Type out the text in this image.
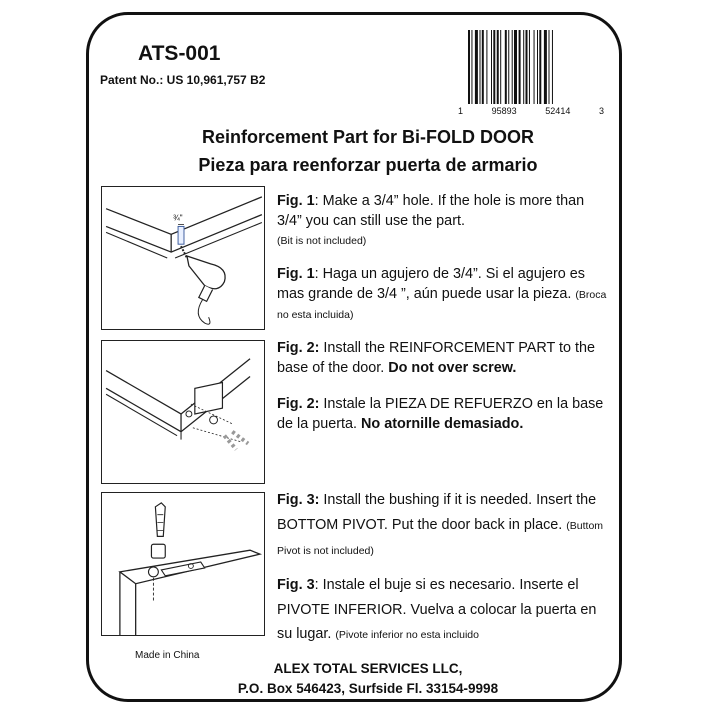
ATS-001
Patent No.: US 10,961,757 B2
1	95893	52414	3
Reinforcement Part for Bi-FOLD DOOR
Pieza para reenforzar puerta de armario
¾"
Fig. 1: Make a 3/4” hole. If the hole is more than 3/4” you can still use the part.
(Bit is not included)
Fig. 1: Haga un agujero de 3/4”. Si el agujero es mas grande de 3/4 ”, aún puede usar la pieza. (Broca no esta incluida)
Fig. 2: Install the REINFORCEMENT PART to the base of the door. Do not over screw.
Fig. 2: Instale la PIEZA DE REFUERZO en la base de la puerta. No atornille demasiado.
Fig. 3: Install the bushing if it is needed. Insert the BOTTOM PIVOT. Put the door back in place. (Buttom Pivot is not included)
Fig. 3: Instale el buje si es necesario. Inserte el PIVOTE INFERIOR. Vuelva a colocar la puerta en su lugar. (Pivote inferior no esta incluido
Made in China
ALEX TOTAL SERVICES LLC,
P.O. Box 546423, Surfside Fl. 33154-9998
